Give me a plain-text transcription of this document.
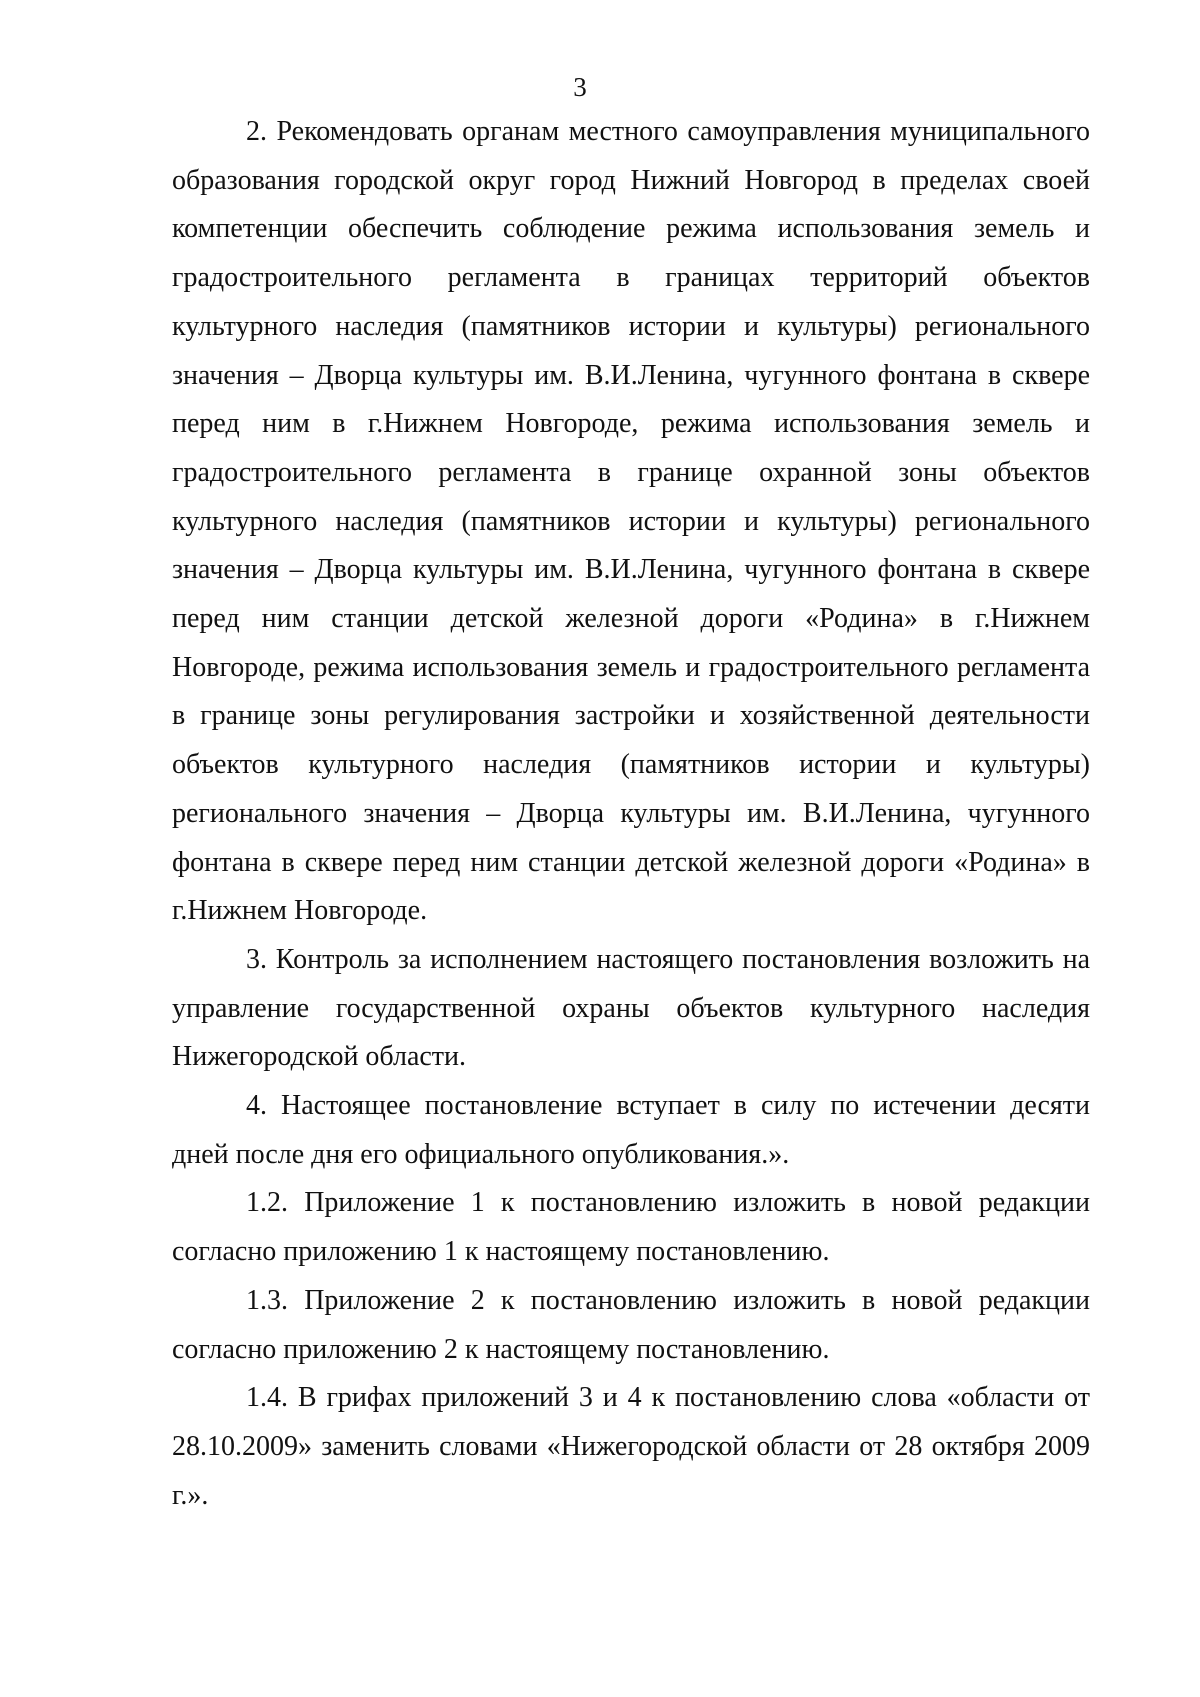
3

2. Рекомендовать органам местного самоуправления муниципального образования городской округ город Нижний Новгород в пределах своей компетенции обеспечить соблюдение режима использования земель и градостроительного регламента в границах территорий объектов культурного наследия (памятников истории и культуры) регионального значения – Дворца культуры им. В.И.Ленина, чугунного фонтана в сквере перед ним в г.Нижнем Новгороде, режима использования земель и градостроительного регламента в границе охранной зоны объектов культурного наследия (памятников истории и культуры) регионального значения – Дворца культуры им. В.И.Ленина, чугунного фонтана в сквере перед ним станции детской железной дороги «Родина» в г.Нижнем Новгороде, режима использования земель и градостроительного регламента в границе зоны регулирования застройки и хозяйственной деятельности объектов культурного наследия (памятников истории и культуры) регионального значения – Дворца культуры им. В.И.Ленина, чугунного фонтана в сквере перед ним станции детской железной дороги «Родина» в г.Нижнем Новгороде.

3. Контроль за исполнением настоящего постановления возложить на управление государственной охраны объектов культурного наследия Нижегородской области.

4. Настоящее постановление вступает в силу по истечении десяти дней после дня его официального опубликования.».

1.2. Приложение 1 к постановлению изложить в новой редакции согласно приложению 1 к настоящему постановлению.

1.3. Приложение 2 к постановлению изложить в новой редакции согласно приложению 2 к настоящему постановлению.

1.4. В грифах приложений 3 и 4 к постановлению слова «области от 28.10.2009» заменить словами «Нижегородской области от 28 октября 2009 г.».
